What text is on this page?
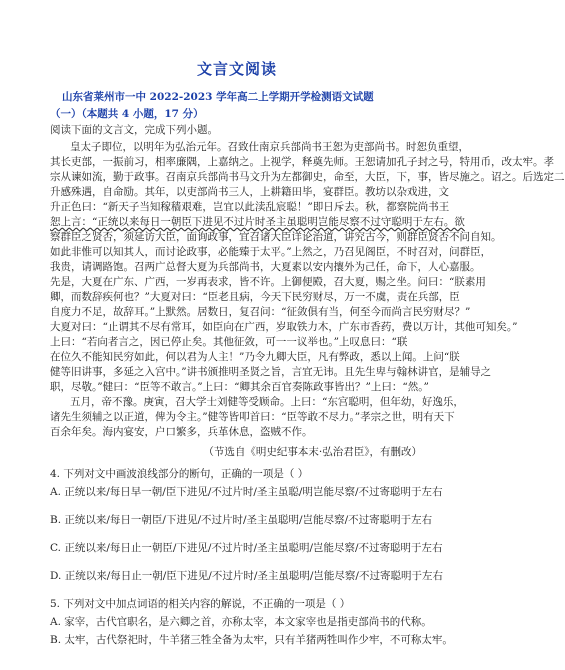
文言文阅读
山东省莱州市一中 2022-2023 学年高二上学期开学检测语文试题
（一）（本题共 4 小题，17 分）
阅读下面的文言文，完成下列小题。
皇太子即位，以明年为弘治元年。召致仕南京兵部尚书王恕为吏部尚书。时恕负重望，
其长吏部，一振前习，相率廉隅，上嘉纳之。上视学，释奠先师。王恕请加孔子封之号，特用币，改太牢。孝
宗从谏如流，勤于政事。召南京兵部尚书马文升为左都御史，命至，大臣，下，事，皆尽施之。诏之。后选定二
升感殊遇，自命励。其年，以吏部尚书三人，上耕籍田毕，宴群臣。教坊以杂戏进，文
升正色曰：“新天子当知稼穑艰难，岂宜以此渎乱宸聪！”即日斥去。秋，都察院尚书王
恕上言：“正统以来每日一朝臣下进见不过片时圣主虽聪明岂能尽察不过守聪明于左右。欲
察群臣之贤否，须延访大臣，面询政事，宜召诸大臣详论治道，讲究古今，则群臣贤否不问自知。
如此非惟可以知其人，而讨论政事，必能臻于太平。”上然之，乃召见阁臣，不时召对，问群臣，
我贵，请调路饱。召两广总督大夏为兵部尚书，大夏素以安内攘外为己任，命下，人心嘉服。
先是，大夏在广东、广西，一岁再表求，皆不许。上御便殿，召大夏，赐之坐。问曰：“朕素用
卿，而数辞疾何也？”大夏对曰：“臣老且病，今天下民穷财尽，万一不虞，责在兵部，臣
自度力不足，故辞耳。”上默然。居数日，复召问：“征敛俱有当，何至今而尚言民穷财尽？”
大夏对曰：“止谓其不尽有常耳，如臣向在广西，岁取铁力木，广东市香药，费以万计，其他可知矣。”
上曰：“若向者言之，因已停止矣。其他征敛，可一一议举也。”上叹息曰：“联
在位久不能知民穷如此，何以君为人主！”乃令九卿大臣，凡有弊政，悉以上闻。上问“朕
健等旧讲事，多延之入宫中。”讲书颁推明圣贤之旨，言宜无讳。且先生卑与翰林讲官，是辅导之
职，尽敬。”健曰：“臣等不敢言。”上曰：“卿其余百官奏陈政事皆出？”上曰：“然。”
五月，帝不豫。庚寅，召大学士刘健等受顾命。上曰：“东宫聪明，但年幼，好逸乐，
诸先生须辅之以正道，俾为令主。”健等皆叩首曰：“臣等敢不尽力。”孝宗之世，明有天下
百余年矣。海内宴安，户口繁多，兵革休息，盗贼不作。
（节选自《明史纪事本末·弘治君臣》，有删改）
4. 下列对文中画波浪线部分的断句，正确的一项是（ ）
A. 正统以来/每日早一朝/臣下进见/不过片时/圣主虽聪/明岂能尽察/不过寄聪明于左右
B. 正统以来/每日一朝臣/下进见/不过片时/圣主虽聪明/岂能尽察/不过寄聪明于左右
C. 正统以来/每日止一朝臣/下进见/不过片时/圣主虽聪明/岂能尽察/不过寄聪明于左右
D. 正统以来/每日止一朝/臣下进见/不过片时/圣主虽聪明/岂能尽察/不过寄聪明于左右
5. 下列对文中加点词语的相关内容的解说，不正确的一项是（ ）
A. 家宰，古代官职名，是六卿之首，亦称太宰，本文家宰也是指吏部尚书的代称。
B. 太牢，古代祭祀时，牛羊猪三牲全备为太牢，只有羊猪两牲叫作少牢，不可称太牢。
